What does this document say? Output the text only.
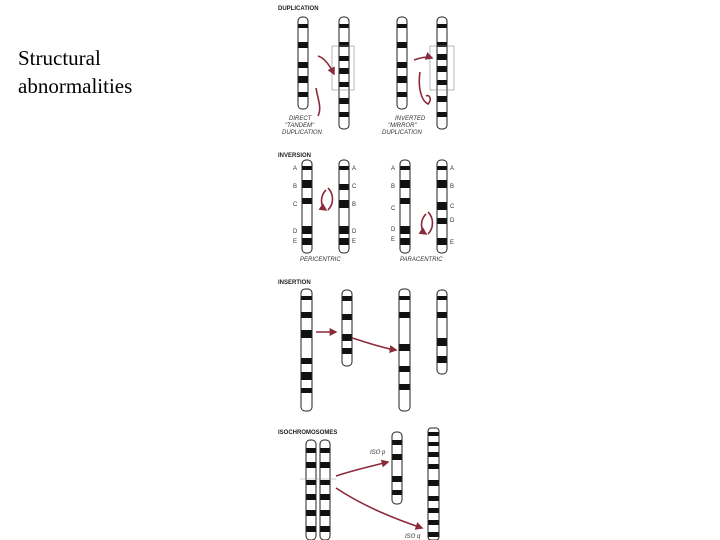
Structural
abnormalities
DUPLICATION
DIRECT
"TANDEM"
DUPLICATION
INVERTED
"MIRROR"
DUPLICATION
INVERSION
A
B
C
D
E
A
C
B
D
E
PERICENTRIC
A
B
C
D
E
A
B
C
D
E
PARACENTRIC
INSERTION
ISOCHROMOSOMES
ISO p
ISO q
